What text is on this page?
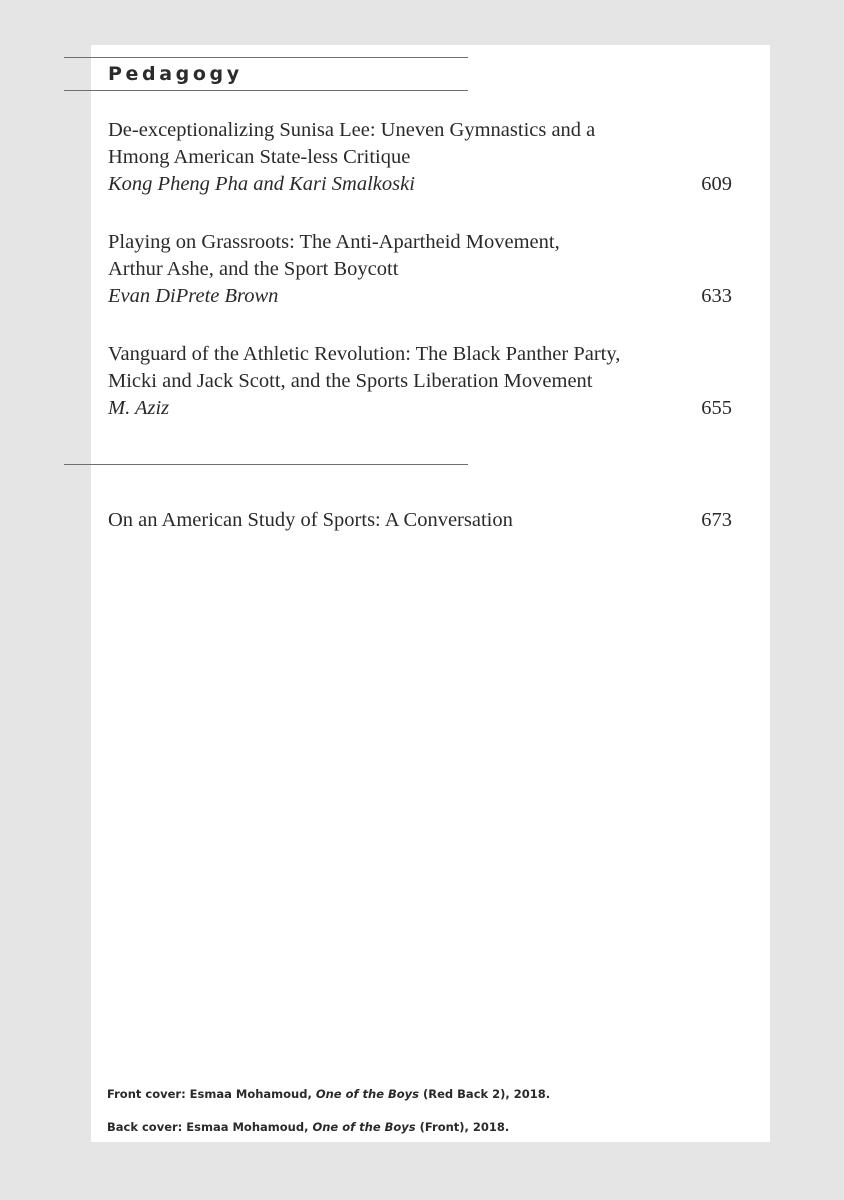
Pedagogy
De-exceptionalizing Sunisa Lee: Uneven Gymnastics and a
Hmong American State-less Critique
Kong Pheng Pha and Kari Smalkoski	609
Playing on Grassroots: The Anti-Apartheid Movement,
Arthur Ashe, and the Sport Boycott
Evan DiPrete Brown	633
Vanguard of the Athletic Revolution: The Black Panther Party,
Micki and Jack Scott, and the Sports Liberation Movement
M. Aziz	655
On an American Study of Sports: A Conversation	673
Front cover: Esmaa Mohamoud, One of the Boys (Red Back 2), 2018.
Back cover: Esmaa Mohamoud, One of the Boys (Front), 2018.
